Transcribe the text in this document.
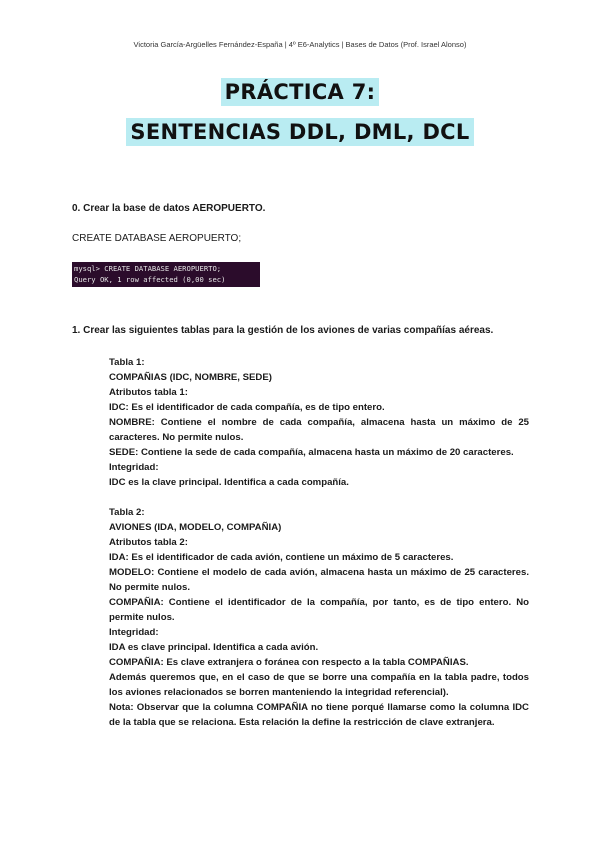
Victoria García-Argüelles Fernández-España | 4º E6-Analytics | Bases de Datos (Prof. Israel Alonso)
PRÁCTICA 7:
SENTENCIAS DDL, DML, DCL
0. Crear la base de datos AEROPUERTO.
CREATE DATABASE AEROPUERTO;
mysql> CREATE DATABASE AEROPUERTO;
Query OK, 1 row affected (0,00 sec)
1. Crear las siguientes tablas para la gestión de los aviones de varias compañías aéreas.
Tabla 1:
COMPAÑIAS (IDC, NOMBRE, SEDE)
Atributos tabla 1:
IDC: Es el identificador de cada compañía, es de tipo entero.
NOMBRE: Contiene el nombre de cada compañía, almacena hasta un máximo de 25 caracteres. No permite nulos.
SEDE: Contiene la sede de cada compañía, almacena hasta un máximo de 20 caracteres.
Integridad:
IDC es la clave principal. Identifica a cada compañía.
Tabla 2:
AVIONES (IDA, MODELO, COMPAÑIA)
Atributos tabla 2:
IDA: Es el identificador de cada avión, contiene un máximo de 5 caracteres.
MODELO: Contiene el modelo de cada avión, almacena hasta un máximo de 25 caracteres. No permite nulos.
COMPAÑIA: Contiene el identificador de la compañía, por tanto, es de tipo entero. No permite nulos.
Integridad:
IDA es clave principal. Identifica a cada avión.
COMPAÑIA: Es clave extranjera o foránea con respecto a la tabla COMPAÑIAS.
Además queremos que, en el caso de que se borre una compañía en la tabla padre, todos los aviones relacionados se borren manteniendo la integridad referencial).
Nota: Observar que la columna COMPAÑIA no tiene porqué llamarse como la columna IDC de la tabla que se relaciona. Esta relación la define la restricción de clave extranjera.
